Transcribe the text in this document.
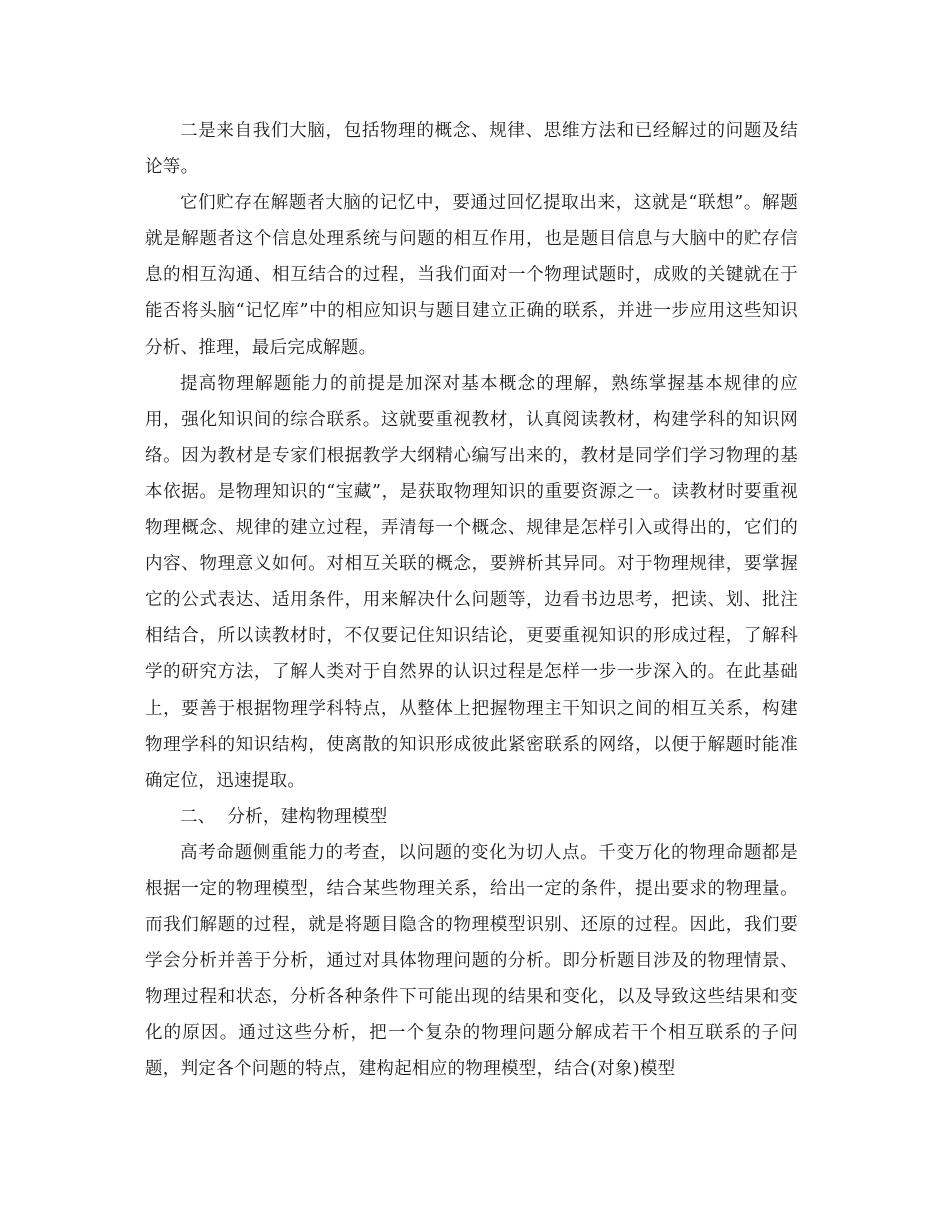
二是来自我们大脑，包括物理的概念、规律、思维方法和已经解过的问题及结论等。

它们贮存在解题者大脑的记忆中，要通过回忆提取出来，这就是“联想”。解题就是解题者这个信息处理系统与问题的相互作用，也是题目信息与大脑中的贮存信息的相互沟通、相互结合的过程，当我们面对一个物理试题时，成败的关键就在于能否将头脑“记忆库”中的相应知识与题目建立正确的联系，并进一步应用这些知识分析、推理，最后完成解题。

提高物理解题能力的前提是加深对基本概念的理解，熟练掌握基本规律的应用，强化知识间的综合联系。这就要重视教材，认真阅读教材，构建学科的知识网络。因为教材是专家们根据教学大纲精心编写出来的，教材是同学们学习物理的基本依据。是物理知识的“宝藏”，是获取物理知识的重要资源之一。读教材时要重视物理概念、规律的建立过程，弄清每一个概念、规律是怎样引入或得出的，它们的内容、物理意义如何。对相互关联的概念，要辨析其异同。对于物理规律，要掌握它的公式表达、适用条件，用来解决什么问题等，边看书边思考，把读、划、批注相结合，所以读教材时，不仅要记住知识结论，更要重视知识的形成过程，了解科学的研究方法，了解人类对于自然界的认识过程是怎样一步一步深入的。在此基础上，要善于根据物理学科特点，从整体上把握物理主干知识之间的相互关系，构建物理学科的知识结构，使离散的知识形成彼此紧密联系的网络，以便于解题时能准确定位，迅速提取。

二、  分析，建构物理模型

高考命题侧重能力的考查，以问题的变化为切人点。千变万化的物理命题都是根据一定的物理模型，结合某些物理关系，给出一定的条件，提出要求的物理量。而我们解题的过程，就是将题目隐含的物理模型识别、还原的过程。因此，我们要学会分析并善于分析，通过对具体物理问题的分析。即分析题目涉及的物理情景、物理过程和状态，分析各种条件下可能出现的结果和变化，以及导致这些结果和变化的原因。通过这些分析，把一个复杂的物理问题分解成若干个相互联系的子问题，判定各个问题的特点，建构起相应的物理模型，结合(对象)模型
